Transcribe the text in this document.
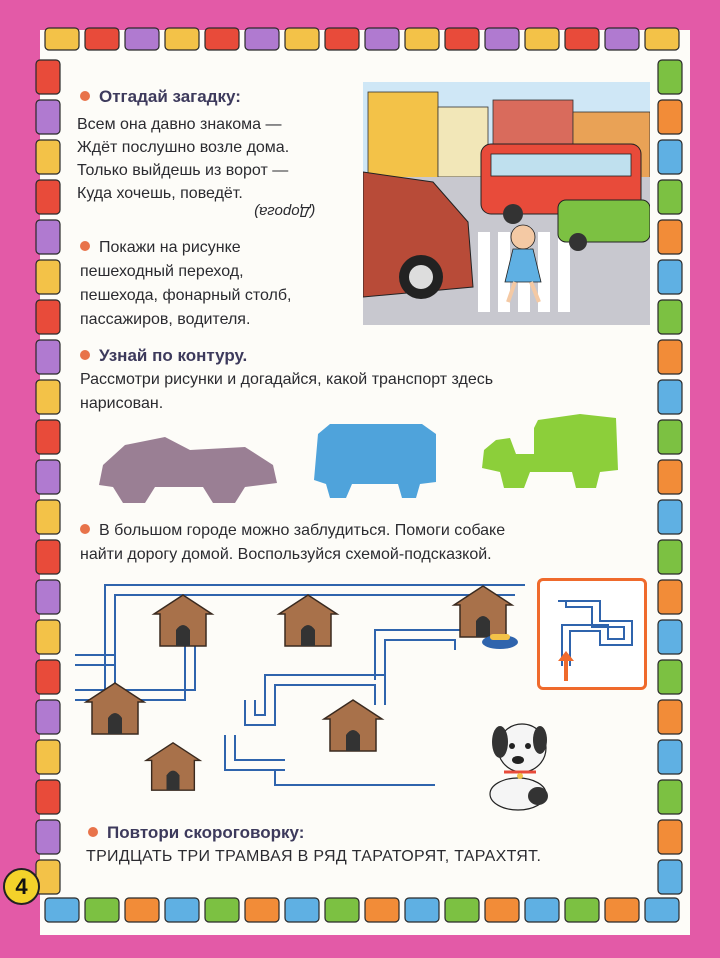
Отгадай загадку:
Всем она давно знакома —
Ждёт послушно возле дома.
Только выйдешь из ворот —
Куда хочешь, поведёт.
(Дорога)
Покажи на рисунке
пешеходный переход,
пешехода, фонарный столб,
пассажиров, водителя.
Узнай по контуру.
Рассмотри рисунки и догадайся, какой транспорт здесь
нарисован.
В большом городе можно заблудиться. Помоги собаке
найти дорогу домой. Воспользуйся схемой-подсказкой.
Повтори скороговорку:
ТРИДЦАТЬ ТРИ ТРАМВАЯ В РЯД ТАРАТОРЯТ, ТАРАХТЯТ.
4
